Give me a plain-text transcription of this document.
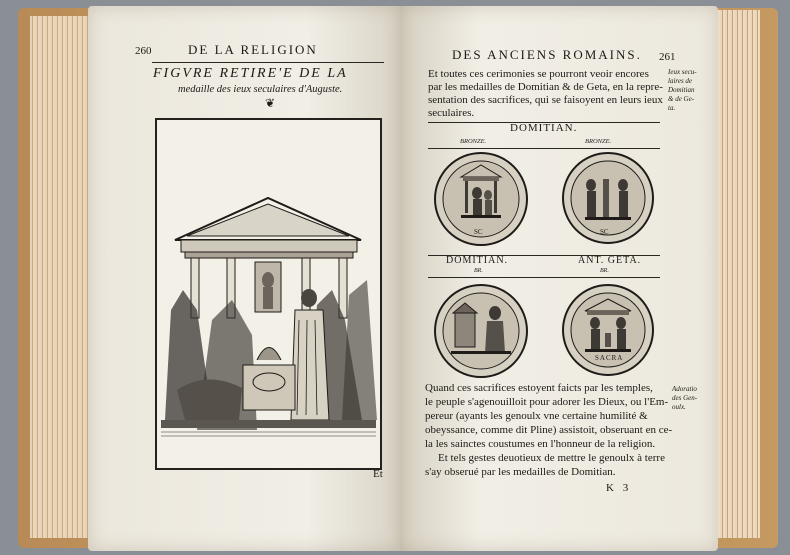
260	DE LA RELIGION
FIGVRE RETIRE'E DE LA
medaille des ieux seculaires d'Auguste.
❦
Et
DES ANCIENS ROMAINS. 261
Et toutes ces cerimonies se pourront veoir encores
par les medailles de Domitian & de Geta, en la repre-
sentation des sacrifices, qui se faisoyent en leurs ieux
seculaires.
Ieux secu-
laires de
Domitian
& de Ge-
ta.
DOMITIAN.
BRONZE.	BRONZE.
SC	SC
DOMITIAN.	ANT. GETA.
BR.	BR.
SACRA
Quand ces sacrifices estoyent faicts par les temples,
le peuple s'agenouilloit pour adorer les Dieux, ou l'Em-
pereur (ayants les genoulx vne certaine humilité &
obeyssance, comme dit Pline) assistoit, obseruant en ce-
la les sainctes coustumes en l'honneur de la religion.
Et tels gestes deuotieux de mettre le genoulx à terre
s'ay obserué par les medailles de Domitian.
Adoratio
des Gen-
oulx.
K 3
